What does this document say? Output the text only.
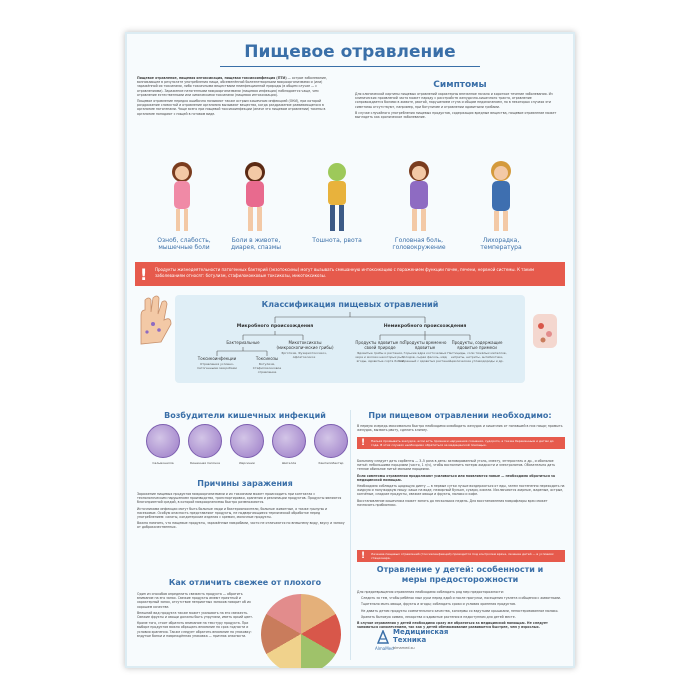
Пищевое отравление

Пищевое отравление, пищевая интоксикация, пищевая токсикоинфекция (ПТИ) — острое заболевание, возникающее в результате употребления пищи, обсеменённой болезнетворными микроорганизмами и (или) заражённой их токсинами, либо токсичными веществами неинфекционной природы (в общем случае — с отравлениями). Заражение патогенными микроорганизмами (пищевая инфекция) наблюдается чаще, чем отравление естественными или химическими токсинами (пищевая интоксикация).

Пищевое отравление нередко ошибочно называют также острым кишечным инфекцией (ОКИ), при которой раздражение слизистой и отравление организма вызывают вещества, когда раздражение развивающегося в организме патогенами. Чаще всего при пищевой токсикоинфекции (иначе это пищевом отравлении) токены в организме попадают с пищей в готовом виде.

Симптомы

Для клинической картины пищевых отравлений характерны внезапное начало и короткое течение заболевания. Из клинических проявлений часто может наряду с расстройств желудочно-кишечного тракта, отравление сопровождается болями в животе, рвотой, нарушением стула и общим недомоганием, но в некоторых случаях эти симптомы отсутствуют, например, при ботулизме и отравлении ядовитыми грибами.

В случае случайного употребления пищевых продуктов, содержащих вредные вещества, пищевое отравление может выглядеть как хроническое заболевание.

Озноб, слабость, мышечные боли
Боли в животе, диарея, спазмы
Тошнота, рвота	Головная боль, головокружение
Лихорадка, температура
! Продукты жизнедеятельности патогенных бактерий (экзотоксины) могут вызывать смешанную интоксикацию с поражением функции почек, печени, нервной системы. К таким заболеваниям относят: ботулизм, стафилококковые токсикозы, микотоксикозы.
Классификация пищевых отравлений
Микробного происхождения	Немикробного происхождения
Бактериальные	Микотоксикозы (микроскопические грибы)
Эрготизм, Фузариотоксикоз, Афлатоксикоз
Токсикоинфекции
Отравления условно-патогенными микробами
Токсикозы
Ботулизм, Стафилококковое отравление
Продукты ядовитые по своей природе
Ядовитые грибы и растения, икра и молоки некоторых рыб, ягоды, ядовитые сорта бобов
Продукты временно ядовитые
Горькие ядра косточковых плодов, сырая фасоль, мёд собранный с ядовитых растений
Продукты, содержащие ядовитые примеси
Пестициды, соли тяжёлых металлов, нитраты, нитриты, антибиотики, циклические углеводороды и др.
Возбудители кишечных инфекций
Сальмонелла	Кишечная палочка	Иерсинии	Шигелла	Кампилобактер
Причины заражения

Заражение пищевых продуктов микроорганизмами и их токсинами может происходить при контактах с технологическим нарушением производства, транспортировки, хранения и реализации продуктов. Продукты являются благоприятной средой, в которой микроорганизмы быстро размножаются.

Источниками инфекции могут быть больные люди и бактерионосители, больные животные, а также грызуны и насекомые. Особую опасность представляют продукты, не подвергающиеся термической обработке перед употреблением: салаты, кондитерские изделия с кремом, молочные продукты.

Важно помнить, что пищевые продукты, заражённые микробами, часто не отличаются по внешнему виду, вкусу и запаху от доброкачественных.

Как отличить свежее от плохого

Один из способов определить свежесть продукта — обратить внимание на его запах. Свежие продукты имеют приятный и характерный запах, отсутствие неприятных запахов говорит об их хорошем качестве.

Внешний вид продукта также может указывать на его свежесть. Свежие фрукты и овощи должны быть упругими, иметь яркий цвет.

Кроме того, стоит обратить внимание на текстуру продукта. При выборе продуктов важно обращать внимание на срок годности и условия хранения. Также следует обратить внимание на упаковку: вздутые банки и повреждённая упаковка — признак опасности.

При пищевом отравлении необходимо:
В первую очередь максимально быстро необходимо освободить желудок и кишечник от попавшей в них пищи; промыть желудок, вызвать рвоту, сделать клизму.
! Нельзя промывать желудок, если есть признаки нарушения сознания, судороги, а также беременным и детям до года. В этих случаях необходимо обратиться за медицинской помощью.

Больному следует дать сорбенты — 3–5 раза в день: активированный уголь, смекту, энтеросгель и др., и обильное питьё: небольшими порциями (часто, 1 л/ч), чтобы восполнить потерю жидкости и электролитов. Обязательно дать теплое обильное питьё малыми порциями.

Если симптомы отравления продолжают усиливаться или появляются новые — необходимо обратиться за медицинской помощью.

Необходимо соблюдать щадящую диету — в первые сутки лучше воздержаться от еды, затем постепенно переходить на жидкую и полужидкую пищу: каши на воде, нежирный бульон, сухари, кисели. Исключаются жирные, жареные, острые, копчёные, сладкие продукты, свежие овощи и фрукты, молоко и кофе.

Восстановление кишечника может занять до нескольких недель. Для восстановления микрофлоры врач может назначить пробиотики.

! Лечение пищевых отравлений (токсикоинфекций) проводится под контролем врача, лечение детей — в условиях стационара.
Отравление у детей: особенности и меры предосторожности

Для предотвращения отравления необходимо соблюдать ряд мер предосторожности:

Следить за тем, чтобы ребёнок мыл руки перед едой и после прогулки, посещения туалета и общения с животными.

Тщательно мыть овощи, фрукты и ягоды; соблюдать сроки и условия хранения продуктов.

Не давать детям продукты сомнительного качества, консервы со вздутыми крышками, непастеризованное молоко.

Хранить бытовую химию, лекарства и ядовитые растения в недоступном для детей месте.

В случае отравления у детей необходимо сразу же обратиться за медицинской помощью. Не следует заниматься самолечением, так как у детей обезвоживание развивается быстрее, чем у взрослых.

AlmaMed
Медицинская
Техника
almamed.su
